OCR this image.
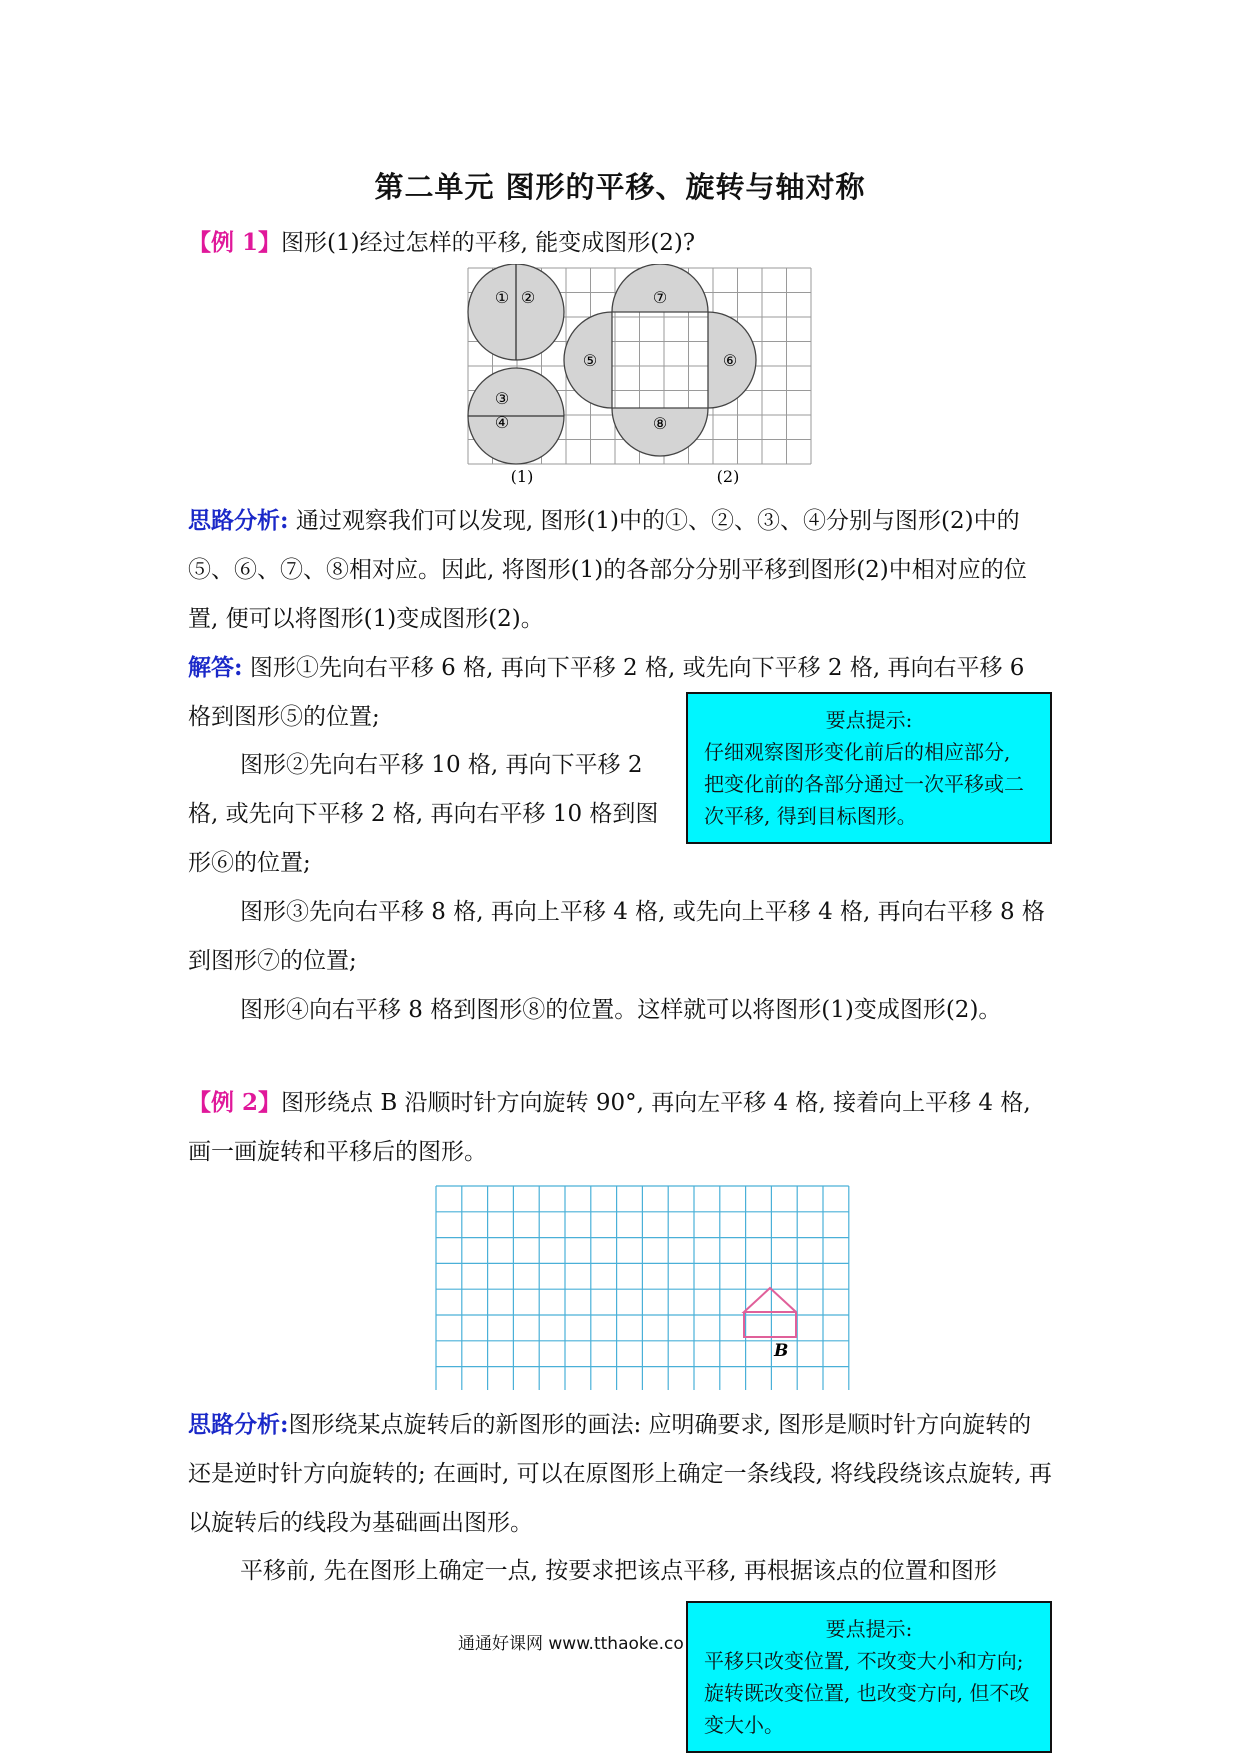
第二单元 图形的平移、旋转与轴对称
【例 1】图形(1)经过怎样的平移, 能变成图形(2)?
① ②
③
④
⑦
⑤	⑥
⑧
(1)	(2)
思路分析: 通过观察我们可以发现, 图形(1)中的①、②、③、④分别与图形(2)中的⑤、⑥、⑦、⑧相对应。因此, 将图形(1)的各部分分别平移到图形(2)中相对应的位置, 便可以将图形(1)变成图形(2)。
解答: 图形①先向右平移 6 格, 再向下平移 2 格, 或先向下平移 2 格, 再向右平移 6 格到图形⑤的位置;
图形②先向右平移 10 格, 再向下平移 2 格, 或先向下平移 2 格, 再向右平移 10 格到图形⑥的位置;
图形③先向右平移 8 格, 再向上平移 4 格, 或先向上平移 4 格, 再向右平移 8 格到图形⑦的位置;
图形④向右平移 8 格到图形⑧的位置。这样就可以将图形(1)变成图形(2)。
要点提示:
仔细观察图形变化前后的相应部分, 把变化前的各部分通过一次平移或二次平移, 得到目标图形。
【例 2】图形绕点 B 沿顺时针方向旋转 90°, 再向左平移 4 格, 接着向上平移 4 格, 画一画旋转和平移后的图形。
B
思路分析:图形绕某点旋转后的新图形的画法: 应明确要求, 图形是顺时针方向旋转的还是逆时针方向旋转的; 在画时, 可以在原图形上确定一条线段, 将线段绕该点旋转, 再以旋转后的线段为基础画出图形。
平移前, 先在图形上确定一点, 按要求把该点平移, 再根据该点的位置和图形
通通好课网 www.tthaoke.co
要点提示:
平移只改变位置, 不改变大小和方向; 旋转既改变位置, 也改变方向, 但不改变大小。
